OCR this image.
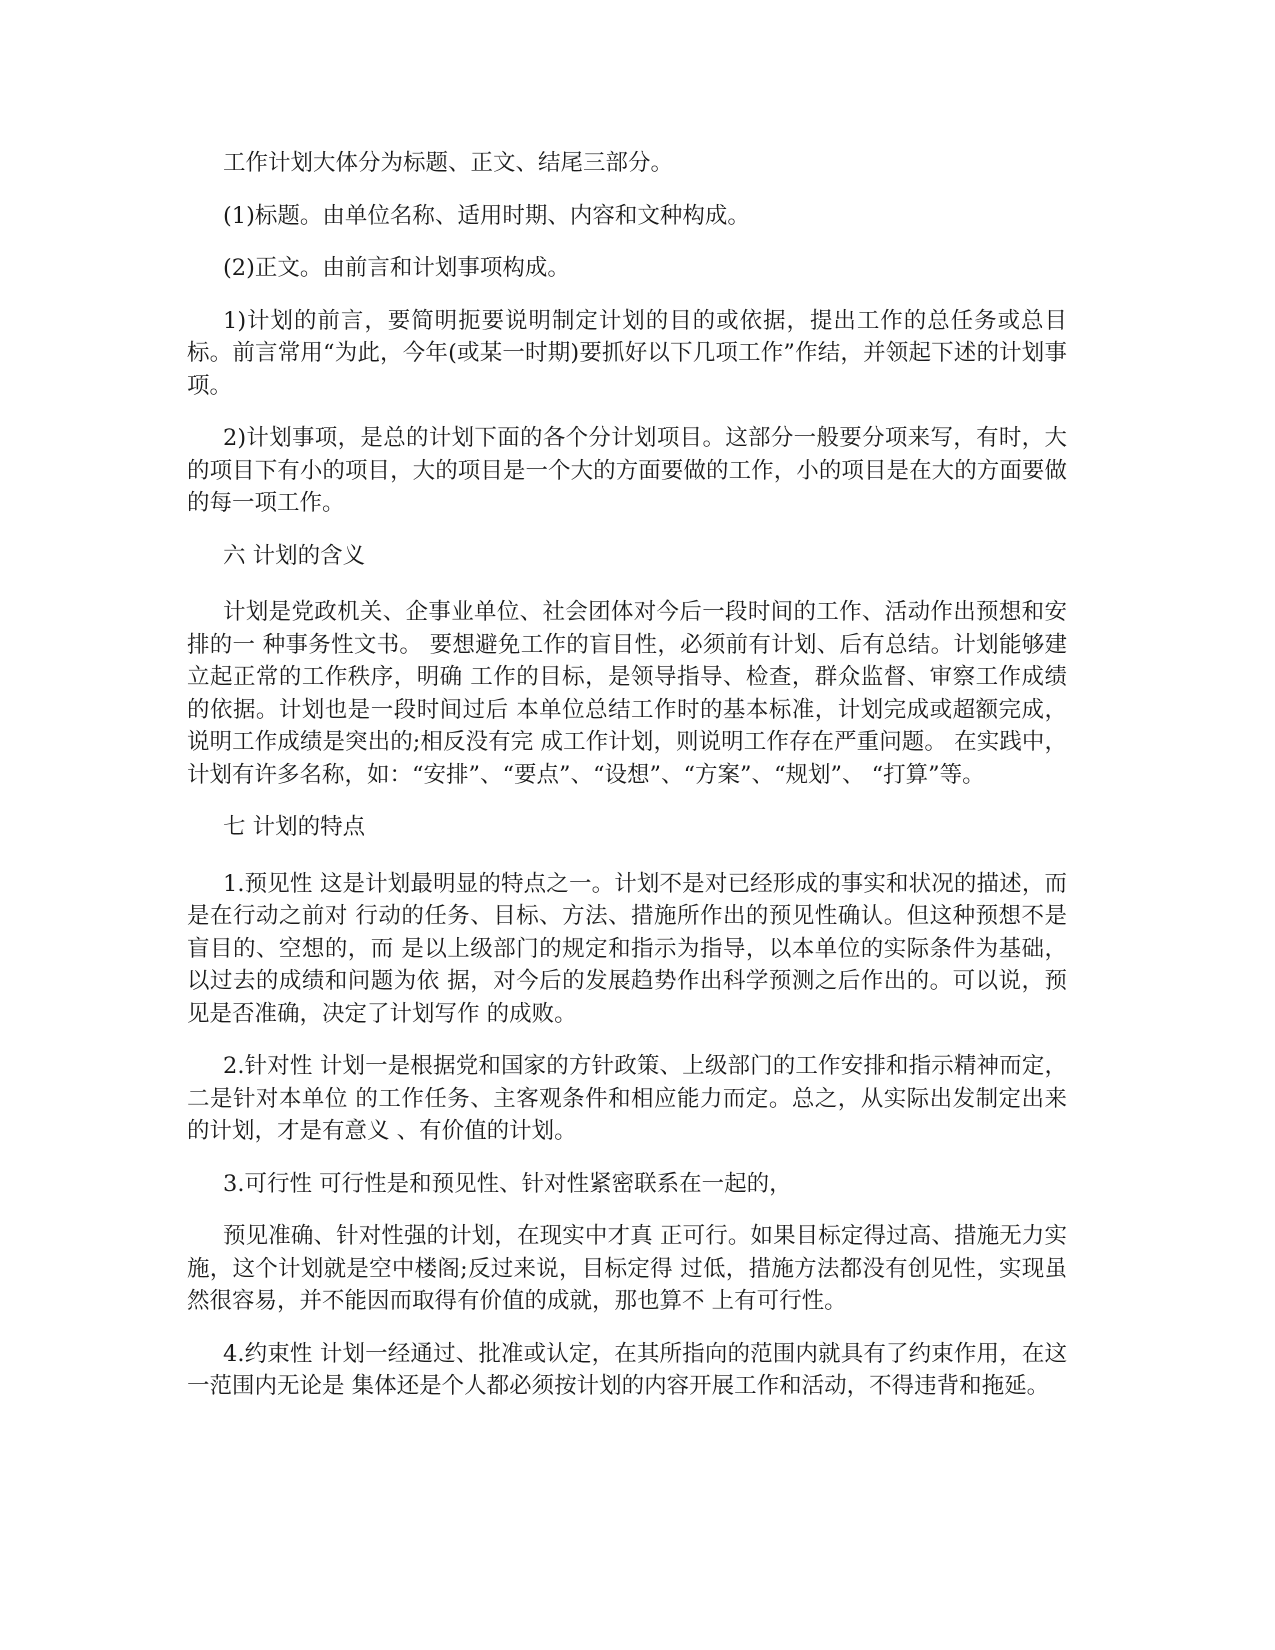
工作计划大体分为标题、正文、结尾三部分。

(1)标题。由单位名称、适用时期、内容和文种构成。

(2)正文。由前言和计划事项构成。

1)计划的前言，要简明扼要说明制定计划的目的或依据，提出工作的总任务或总目标。前言常用“为此，今年(或某一时期)要抓好以下几项工作”作结，并领起下述的计划事项。

2)计划事项，是总的计划下面的各个分计划项目。这部分一般要分项来写，有时，大的项目下有小的项目，大的项目是一个大的方面要做的工作，小的项目是在大的方面要做的每一项工作。

六 计划的含义

计划是党政机关、企事业单位、社会团体对今后一段时间的工作、活动作出预想和安排的一 种事务性文书。 要想避免工作的盲目性，必须前有计划、后有总结。计划能够建立起正常的工作秩序，明确 工作的目标，是领导指导、检查，群众监督、审察工作成绩的依据。计划也是一段时间过后 本单位总结工作时的基本标准，计划完成或超额完成，说明工作成绩是突出的;相反没有完 成工作计划，则说明工作存在严重问题。 在实践中，计划有许多名称，如：“安排”、“要点”、“设想”、“方案”、“规划”、 “打算”等。

七 计划的特点

1.预见性 这是计划最明显的特点之一。计划不是对已经形成的事实和状况的描述，而是在行动之前对 行动的任务、目标、方法、措施所作出的预见性确认。但这种预想不是盲目的、空想的，而 是以上级部门的规定和指示为指导，以本单位的实际条件为基础，以过去的成绩和问题为依 据，对今后的发展趋势作出科学预测之后作出的。可以说，预见是否准确，决定了计划写作 的成败。

2.针对性 计划一是根据党和国家的方针政策、上级部门的工作安排和指示精神而定，二是针对本单位 的工作任务、主客观条件和相应能力而定。总之，从实际出发制定出来的计划，才是有意义 、有价值的计划。

3.可行性 可行性是和预见性、针对性紧密联系在一起的，

预见准确、针对性强的计划，在现实中才真 正可行。如果目标定得过高、措施无力实施，这个计划就是空中楼阁;反过来说，目标定得 过低，措施方法都没有创见性，实现虽然很容易，并不能因而取得有价值的成就，那也算不 上有可行性。

4.约束性 计划一经通过、批准或认定，在其所指向的范围内就具有了约束作用，在这一范围内无论是 集体还是个人都必须按计划的内容开展工作和活动，不得违背和拖延。
